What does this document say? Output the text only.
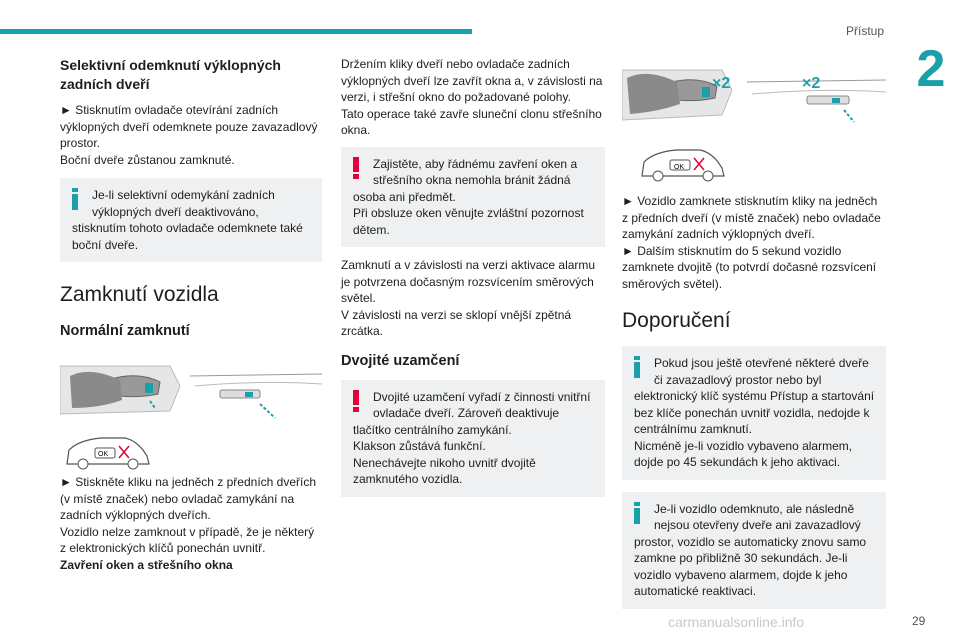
Přístup
2
Selektivní odemknutí výklopných zadních dveří

► Stisknutím ovladače otevírání zadních výklopných dveří odemknete pouze zavazadlový prostor.

Boční dveře zůstanou zamknuté.

Je-li selektivní odemykání zadních
výklopných dveří deaktivováno,
stisknutím tohoto ovladače odemknete také boční dveře.
Zamknutí vozidla
Normální zamknutí
OK

► Stiskněte kliku na jedněch z předních dveřích (v místě značek) nebo ovladač zamykání na zadních výklopných dveřích.

Vozidlo nelze zamknout v případě, že je některý z elektronických klíčů ponechán uvnitř.

Zavření oken a střešního okna

Držením kliky dveří nebo ovladače zadních výklopných dveří lze zavřít okna a, v závislosti na verzi, i střešní okno do požadované polohy.

Tato operace také zavře sluneční clonu střešního okna.

Zajistěte, aby řádnému zavření oken a
střešního okna nemohla bránit žádná
osoba ani předmět.
Při obsluze oken věnujte zvláštní pozornost dětem.

Zamknutí a v závislosti na verzi aktivace alarmu je potvrzena dočasným rozsvícením směrových světel.

V závislosti na verzi se sklopí vnější zpětná zrcátka.

Dvojité uzamčení
Dvojité uzamčení vyřadí z činnosti vnitřní
ovladače dveří. Zároveň deaktivuje
tlačítko centrálního zamykání.
Klakson zůstává funkční.
Nenechávejte nikoho uvnitř dvojitě zamknutého vozidla.
×2	×2
OK

► Vozidlo zamknete stisknutím kliky na jedněch z předních dveří (v místě značek) nebo ovladače zamykání zadních výklopných dveří.

► Dalším stisknutím do 5 sekund vozidlo zamknete dvojitě (to potvrdí dočasné rozsvícení směrových světel).

Doporučení
Pokud jsou ještě otevřené některé dveře
či zavazadlový prostor nebo byl
elektronický klíč systému Přístup a startování bez klíče ponechán uvnitř vozidla, nedojde k centrálnímu zamknutí.
Nicméně je-li vozidlo vybaveno alarmem, dojde po 45 sekundách k jeho aktivaci.
Je-li vozidlo odemknuto, ale následně
nejsou otevřeny dveře ani zavazadlový
prostor, vozidlo se automaticky znovu samo zamkne po přibližně 30 sekundách. Je-li vozidlo vybaveno alarmem, dojde k jeho automatické reaktivaci.
carmanualsonline.info	29
